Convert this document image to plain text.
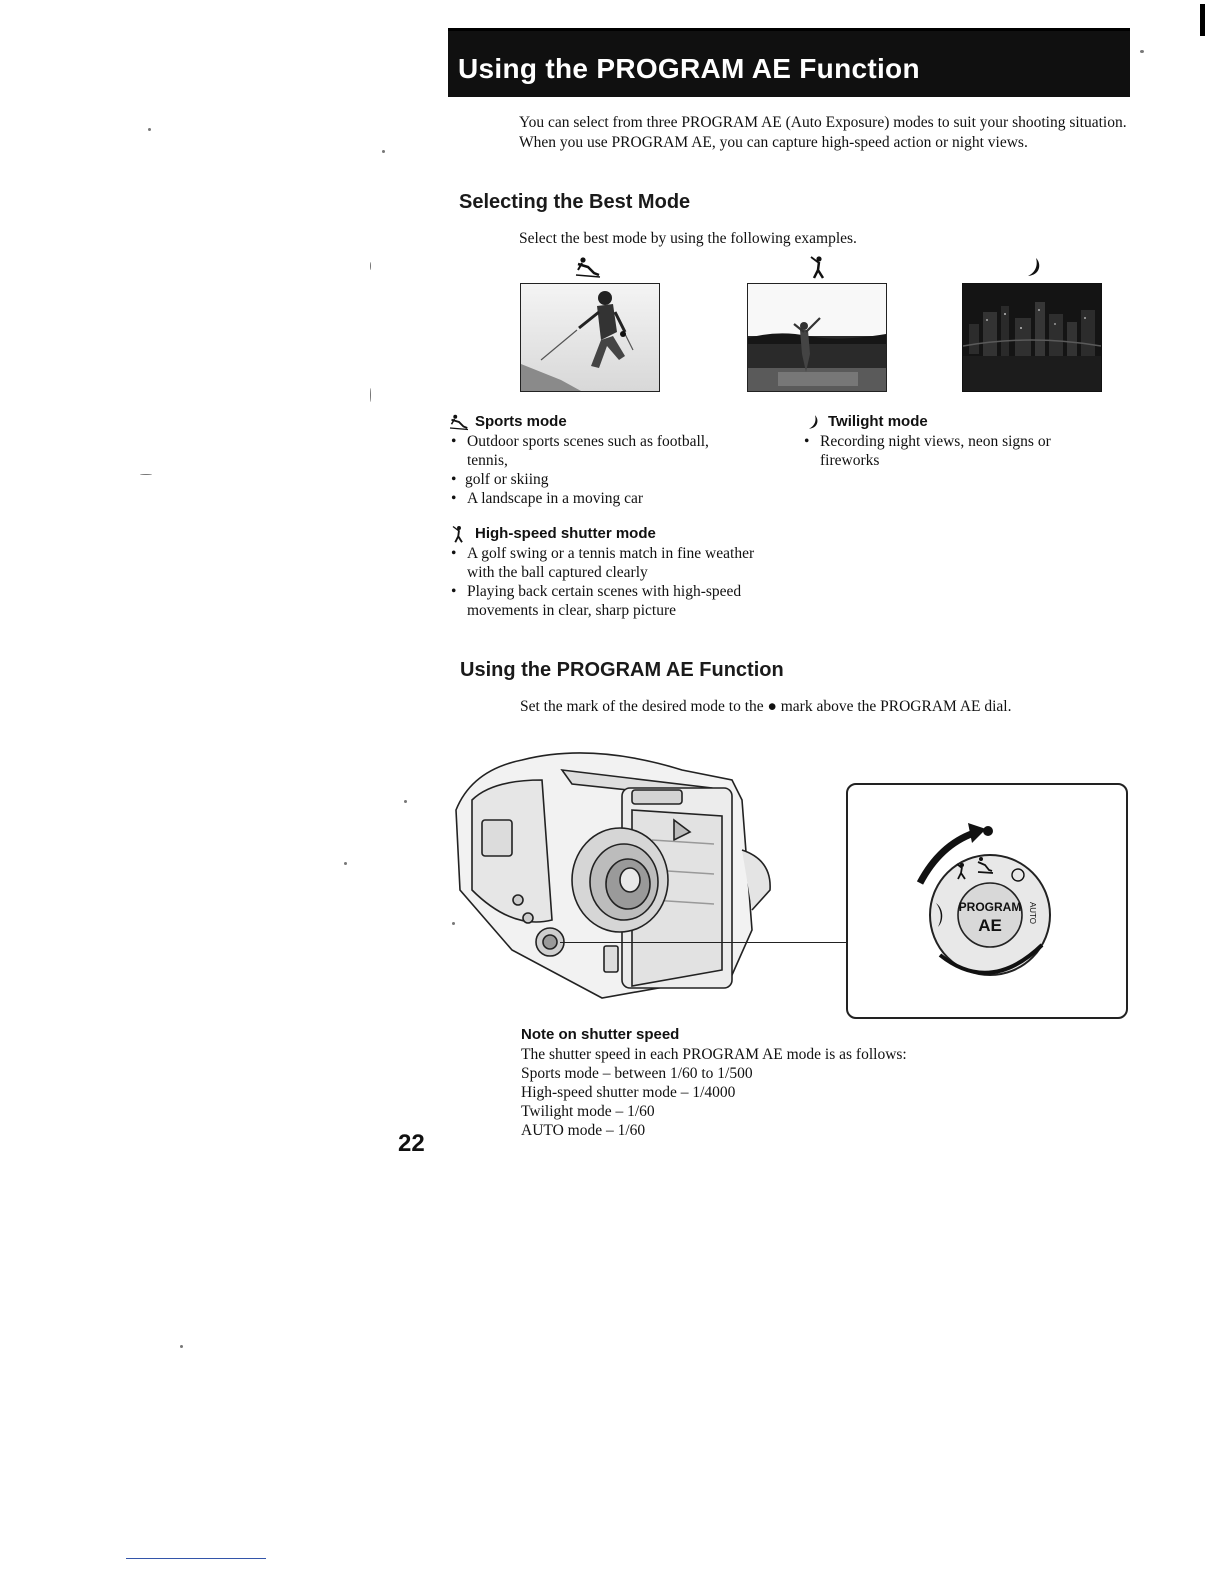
Using the PROGRAM AE Function

You can select from three PROGRAM AE (Auto Exposure) modes to suit your shooting situation. When you use PROGRAM AE, you can capture high-speed action or night views.

Selecting the Best Mode

Select the best mode by using the following examples.

Sports mode

• Outdoor sports scenes such as football, tennis,
• golf or skiing
• A landscape in a moving car

High-speed shutter mode

• A golf swing or a tennis match in fine weather with the ball captured clearly
• Playing back certain scenes with high-speed movements in clear, sharp picture

Twilight mode

• Recording night views, neon signs or fireworks
Using the PROGRAM AE Function

Set the mark of the desired mode to the ● mark above the PROGRAM AE dial.

PROGRAM
AE
AUTO

Note on shutter speed

The shutter speed in each PROGRAM AE mode is as follows:

Sports mode – between 1/60 to 1/500

High-speed shutter mode – 1/4000

Twilight mode – 1/60

AUTO mode – 1/60

22
